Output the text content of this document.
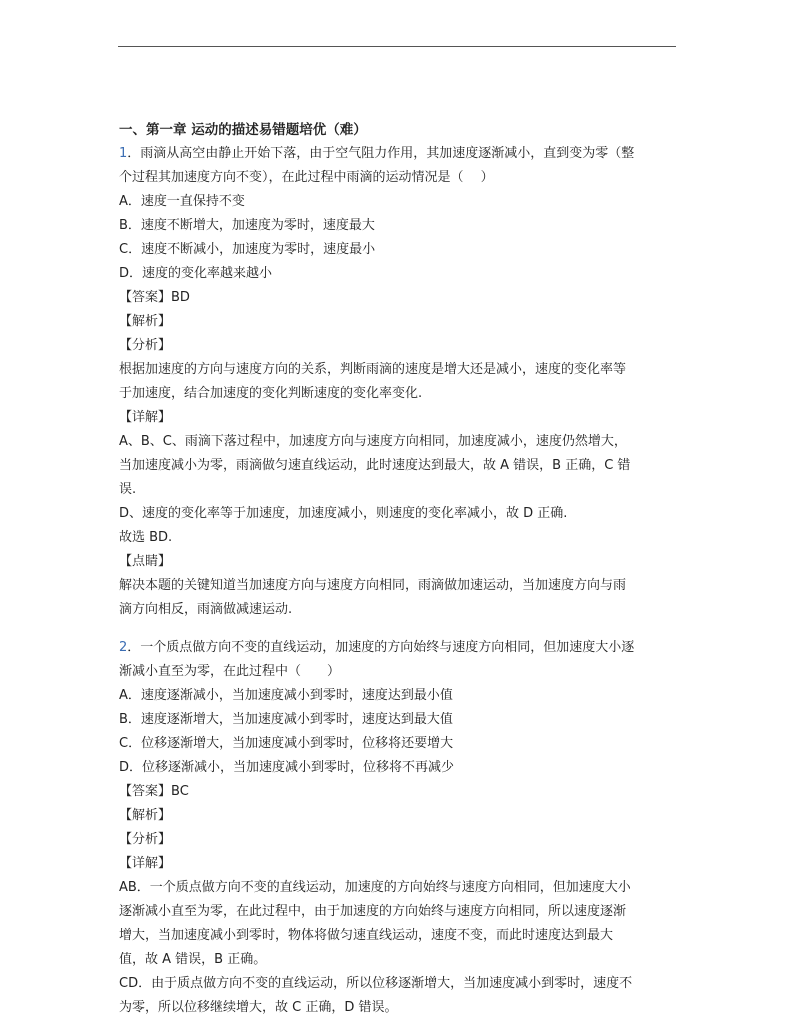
一、第一章 运动的描述易错题培优（难）
1．雨滴从高空由静止开始下落，由于空气阻力作用，其加速度逐渐减小，直到变为零（整
个过程其加速度方向不变），在此过程中雨滴的运动情况是（　 ）
A．速度一直保持不变
B．速度不断增大，加速度为零时，速度最大
C．速度不断减小，加速度为零时，速度最小
D．速度的变化率越来越小
【答案】BD
【解析】
【分析】
根据加速度的方向与速度方向的关系，判断雨滴的速度是增大还是减小，速度的变化率等
于加速度，结合加速度的变化判断速度的变化率变化.
【详解】
A、B、C、雨滴下落过程中，加速度方向与速度方向相同，加速度减小，速度仍然增大，
当加速度减小为零，雨滴做匀速直线运动，此时速度达到最大，故 A 错误，B 正确，C 错
误.
D、速度的变化率等于加速度，加速度减小，则速度的变化率减小，故 D 正确.
故选 BD.
【点睛】
解决本题的关键知道当加速度方向与速度方向相同，雨滴做加速运动，当加速度方向与雨
滴方向相反，雨滴做减速运动.
2．一个质点做方向不变的直线运动，加速度的方向始终与速度方向相同，但加速度大小逐
渐减小直至为零，在此过程中（　　）
A．速度逐渐减小，当加速度减小到零时，速度达到最小值
B．速度逐渐增大，当加速度减小到零时，速度达到最大值
C．位移逐渐增大，当加速度减小到零时，位移将还要增大
D．位移逐渐减小，当加速度减小到零时，位移将不再减少
【答案】BC
【解析】
【分析】
【详解】
AB．一个质点做方向不变的直线运动，加速度的方向始终与速度方向相同，但加速度大小
逐渐减小直至为零，在此过程中，由于加速度的方向始终与速度方向相同，所以速度逐渐
增大，当加速度减小到零时，物体将做匀速直线运动，速度不变，而此时速度达到最大
值，故 A 错误，B 正确。
CD．由于质点做方向不变的直线运动，所以位移逐渐增大，当加速度减小到零时，速度不
为零，所以位移继续增大，故 C 正确，D 错误。
